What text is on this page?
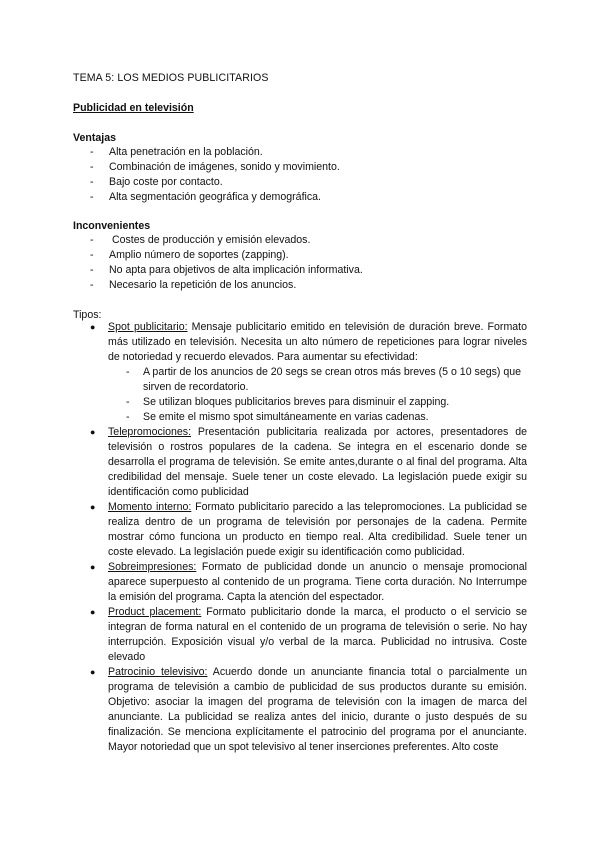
TEMA 5: LOS MEDIOS PUBLICITARIOS
Publicidad en televisión
Ventajas
- Alta penetración en la población.
- Combinación de imágenes, sonido y movimiento.
- Bajo coste por contacto.
- Alta segmentación geográfica y demográfica.
Inconvenientes
- Costes de producción y emisión elevados.
- Amplio número de soportes (zapping).
- No apta para objetivos de alta implicación informativa.
- Necesario la repetición de los anuncios.
Tipos:
● Spot publicitario: Mensaje publicitario emitido en televisión de duración breve. Formato más utilizado en televisión. Necesita un alto número de repeticiones para lograr niveles de notoriedad y recuerdo elevados. Para aumentar su efectividad:
- A partir de los anuncios de 20 segs se crean otros más breves (5 o 10 segs) que sirven de recordatorio.
- Se utilizan bloques publicitarios breves para disminuir el zapping.
- Se emite el mismo spot simultáneamente en varias cadenas.
● Telepromociones: Presentación publicitaria realizada por actores, presentadores de televisión o rostros populares de la cadena. Se integra en el escenario donde se desarrolla el programa de televisión. Se emite antes,durante o al final del programa. Alta credibilidad del mensaje. Suele tener un coste elevado. La legislación puede exigir su identificación como publicidad
● Momento interno: Formato publicitario parecido a las telepromociones. La publicidad se realiza dentro de un programa de televisión por personajes de la cadena. Permite mostrar cómo funciona un producto en tiempo real. Alta credibilidad. Suele tener un coste elevado. La legislación puede exigir su identificación como publicidad.
● Sobreimpresiones: Formato de publicidad donde un anuncio o mensaje promocional aparece superpuesto al contenido de un programa. Tiene corta duración. No Interrumpe la emisión del programa. Capta la atención del espectador.
● Product placement: Formato publicitario donde la marca, el producto o el servicio se integran de forma natural en el contenido de un programa de televisión o serie. No hay interrupción. Exposición visual y/o verbal de la marca. Publicidad no intrusiva. Coste elevado
● Patrocinio televisivo: Acuerdo donde un anunciante financia total o parcialmente un programa de televisión a cambio de publicidad de sus productos durante su emisión. Objetivo: asociar la imagen del programa de televisión con la imagen de marca del anunciante. La publicidad se realiza antes del inicio, durante o justo después de su finalización. Se menciona explícitamente el patrocinio del programa por el anunciante. Mayor notoriedad que un spot televisivo al tener inserciones preferentes. Alto coste
